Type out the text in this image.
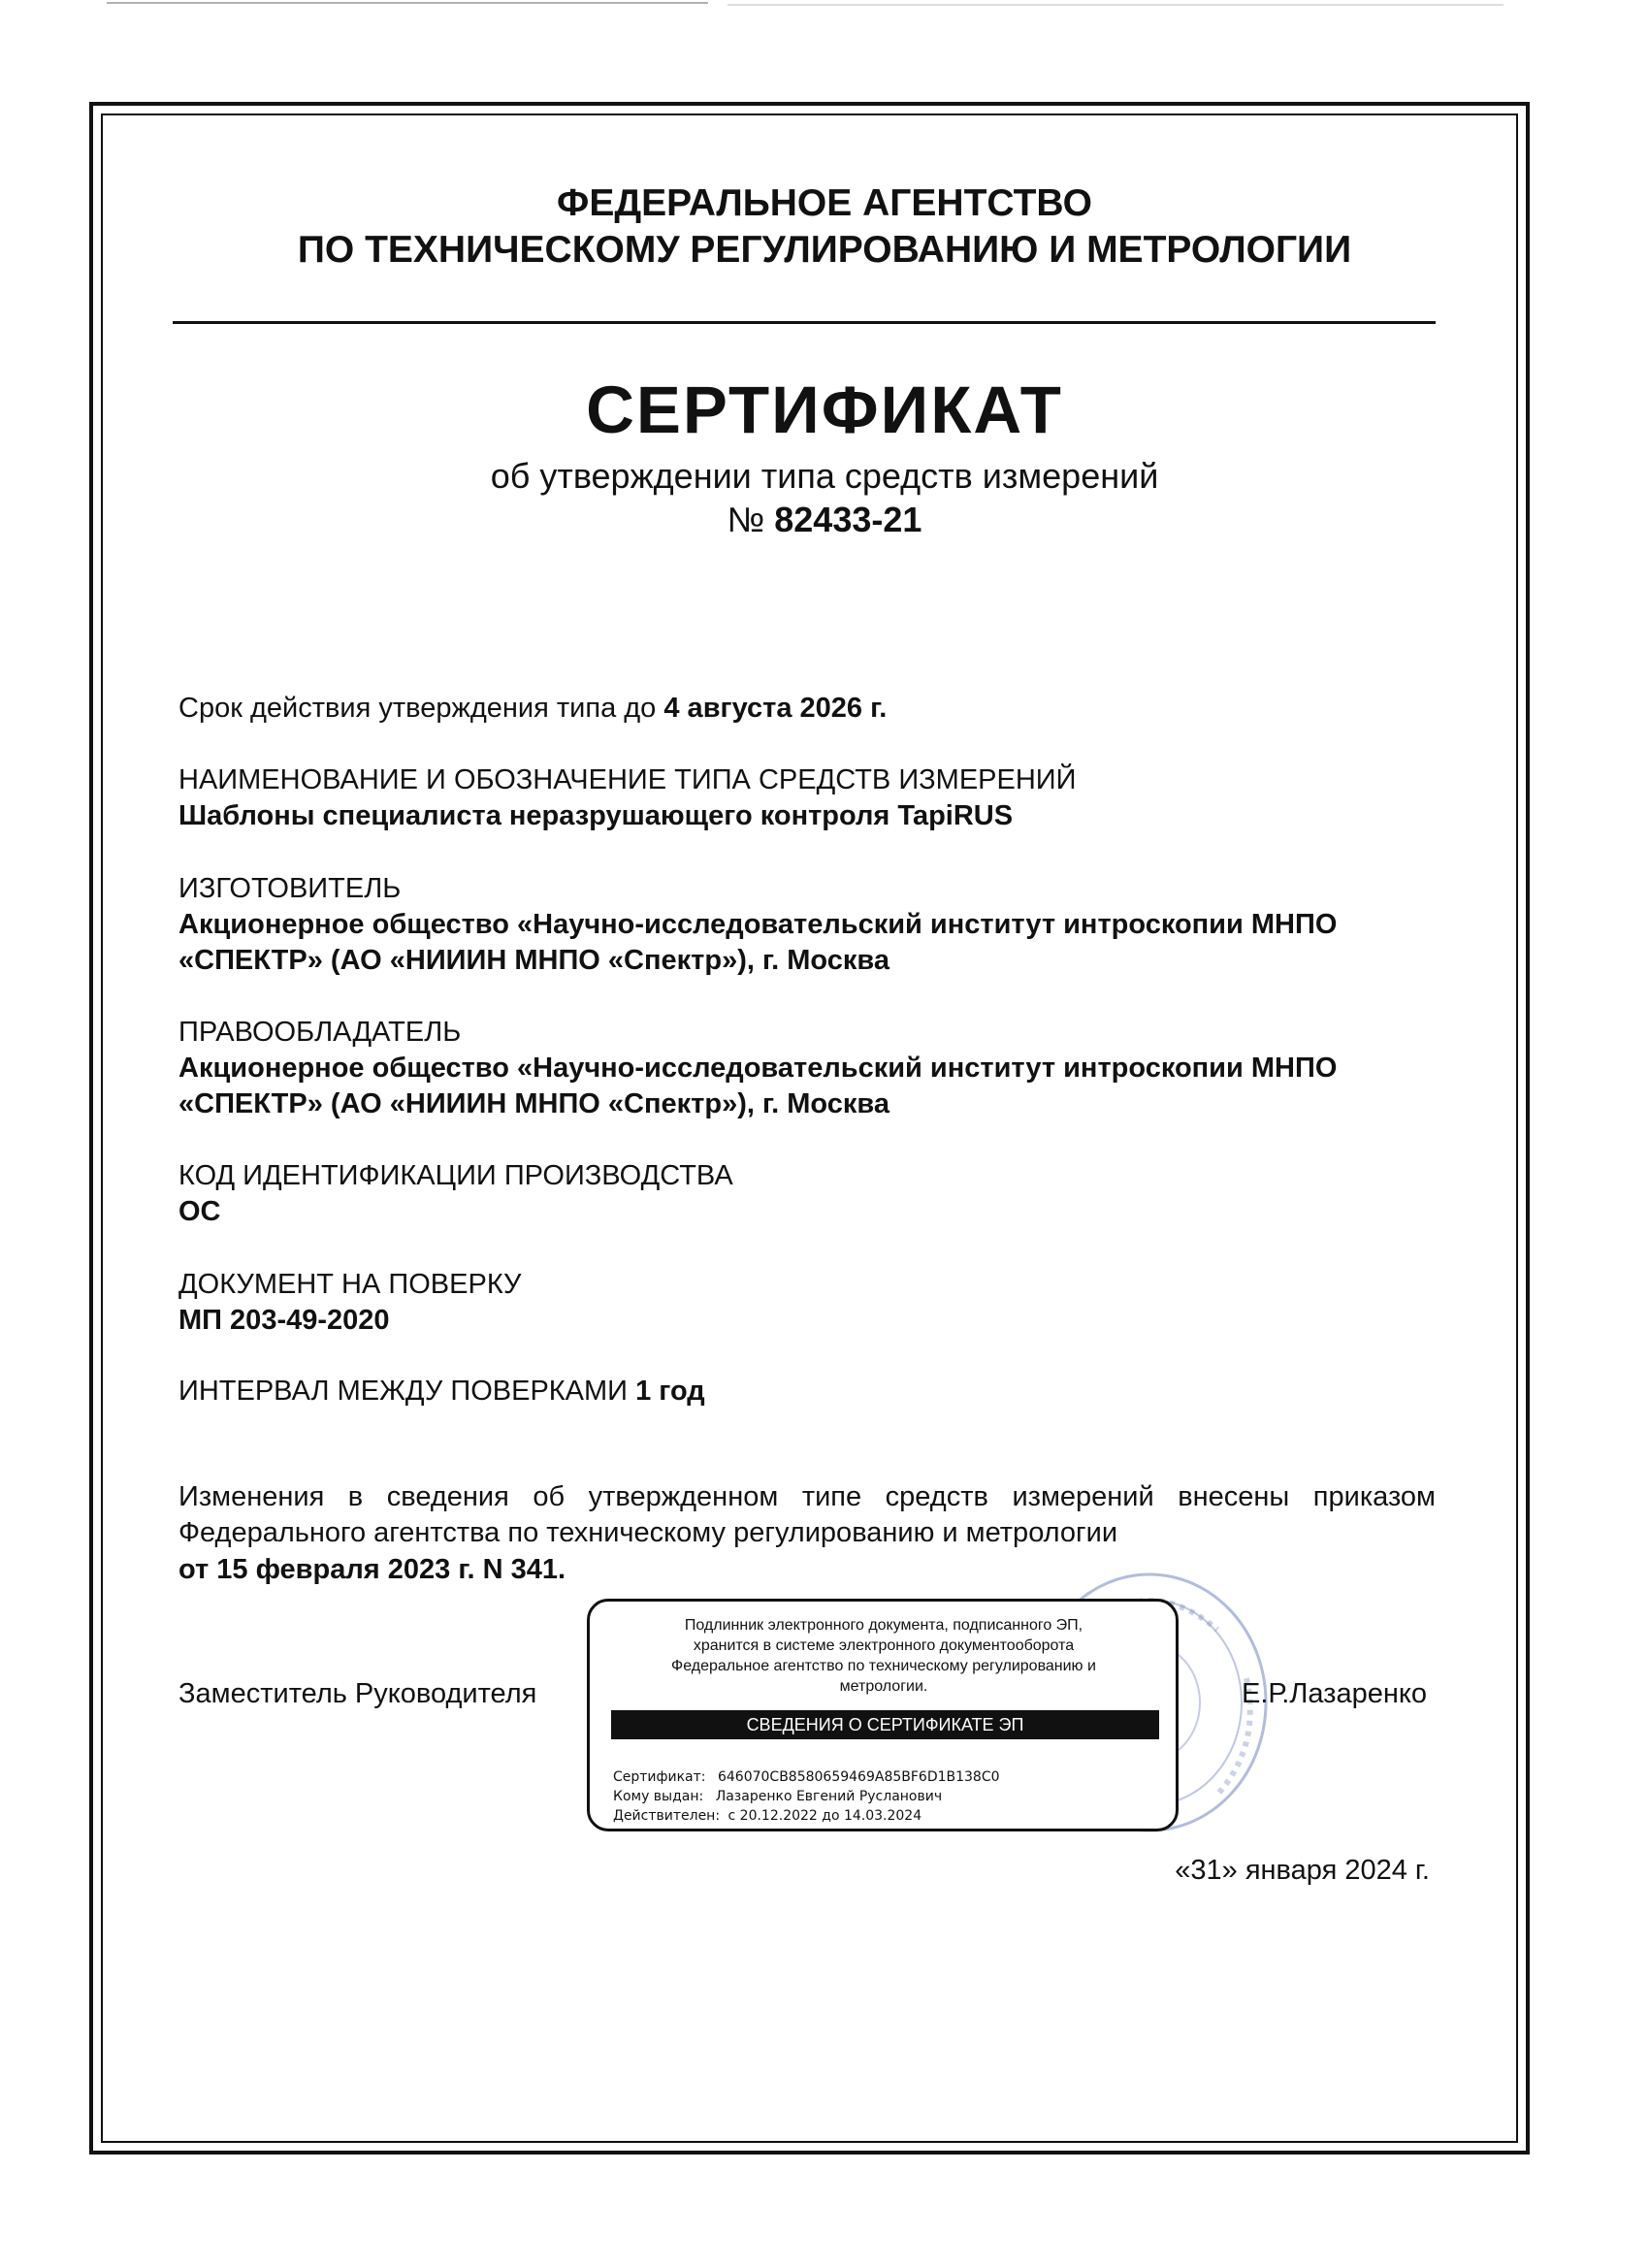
ФЕДЕРАЛЬНОЕ АГЕНТСТВО
ПО ТЕХНИЧЕСКОМУ РЕГУЛИРОВАНИЮ И МЕТРОЛОГИИ
СЕРТИФИКАТ
об утверждении типа средств измерений
№ 82433-21
Срок действия утверждения типа до 4 августа 2026 г.
НАИМЕНОВАНИЕ И ОБОЗНАЧЕНИЕ ТИПА СРЕДСТВ ИЗМЕРЕНИЙ
Шаблоны специалиста неразрушающего контроля TapiRUS
ИЗГОТОВИТЕЛЬ
Акционерное общество «Научно-исследовательский институт интроскопии МНПО
«СПЕКТР» (АО «НИИИН МНПО «Спектр»), г. Москва
ПРАВООБЛАДАТЕЛЬ
Акционерное общество «Научно-исследовательский институт интроскопии МНПО
«СПЕКТР» (АО «НИИИН МНПО «Спектр»), г. Москва
КОД ИДЕНТИФИКАЦИИ ПРОИЗВОДСТВА
ОС
ДОКУМЕНТ НА ПОВЕРКУ
МП 203-49-2020
ИНТЕРВАЛ МЕЖДУ ПОВЕРКАМИ 1 год
Изменения в сведения об утвержденном типе средств измерений внесены приказом Федерального агентства по техническому регулированию и метрологии
от 15 февраля 2023 г. N 341.
Заместитель Руководителя	Е.Р.Лазаренко
Подлинник электронного документа, подписанного ЭП,
хранится в системе электронного документооборота
Федеральное агентство по техническому регулированию и
метрологии.
СВЕДЕНИЯ О СЕРТИФИКАТЕ ЭП
Сертификат: 646070CB8580659469A85BF6D1B138C0
Кому выдан: Лазаренко Евгений Русланович
Действителен: с 20.12.2022 до 14.03.2024
«31» января 2024 г.
